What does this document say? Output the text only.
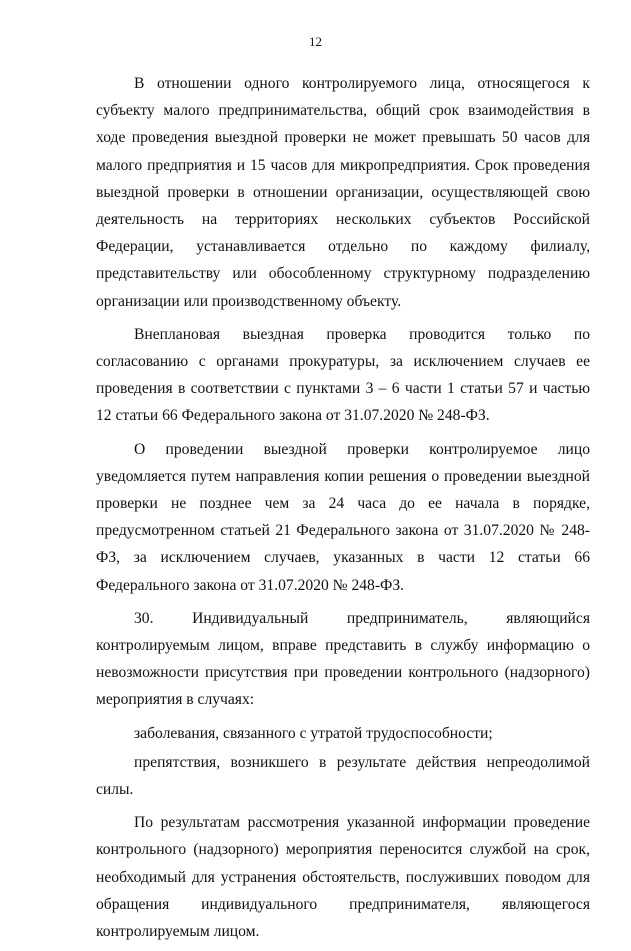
12

В отношении одного контролируемого лица, относящегося к субъекту малого предпринимательства, общий срок взаимодействия в ходе проведения выездной проверки не может превышать 50 часов для малого предприятия и 15 часов для микропредприятия. Срок проведения выездной проверки в отношении организации, осуществляющей свою деятельность на территориях нескольких субъектов Российской Федерации, устанавливается отдельно по каждому филиалу, представительству или обособленному структурному подразделению организации или производственному объекту.

Внеплановая выездная проверка проводится только по согласованию с органами прокуратуры, за исключением случаев ее проведения в соответствии с пунктами 3 – 6 части 1 статьи 57 и частью 12 статьи 66 Федерального закона от 31.07.2020 № 248-ФЗ.

О проведении выездной проверки контролируемое лицо уведомляется путем направления копии решения о проведении выездной проверки не позднее чем за 24 часа до ее начала в порядке, предусмотренном статьей 21 Федерального закона от 31.07.2020 № 248-ФЗ, за исключением случаев, указанных в части 12 статьи 66 Федерального закона от 31.07.2020 № 248-ФЗ.

30. Индивидуальный предприниматель, являющийся контролируемым лицом, вправе представить в службу информацию о невозможности присутствия при проведении контрольного (надзорного) мероприятия в случаях:

заболевания, связанного с утратой трудоспособности;

препятствия, возникшего в результате действия непреодолимой силы.

По результатам рассмотрения указанной информации проведение контрольного (надзорного) мероприятия переносится службой на срок, необходимый для устранения обстоятельств, послуживших поводом для обращения индивидуального предпринимателя, являющегося контролируемым лицом.
